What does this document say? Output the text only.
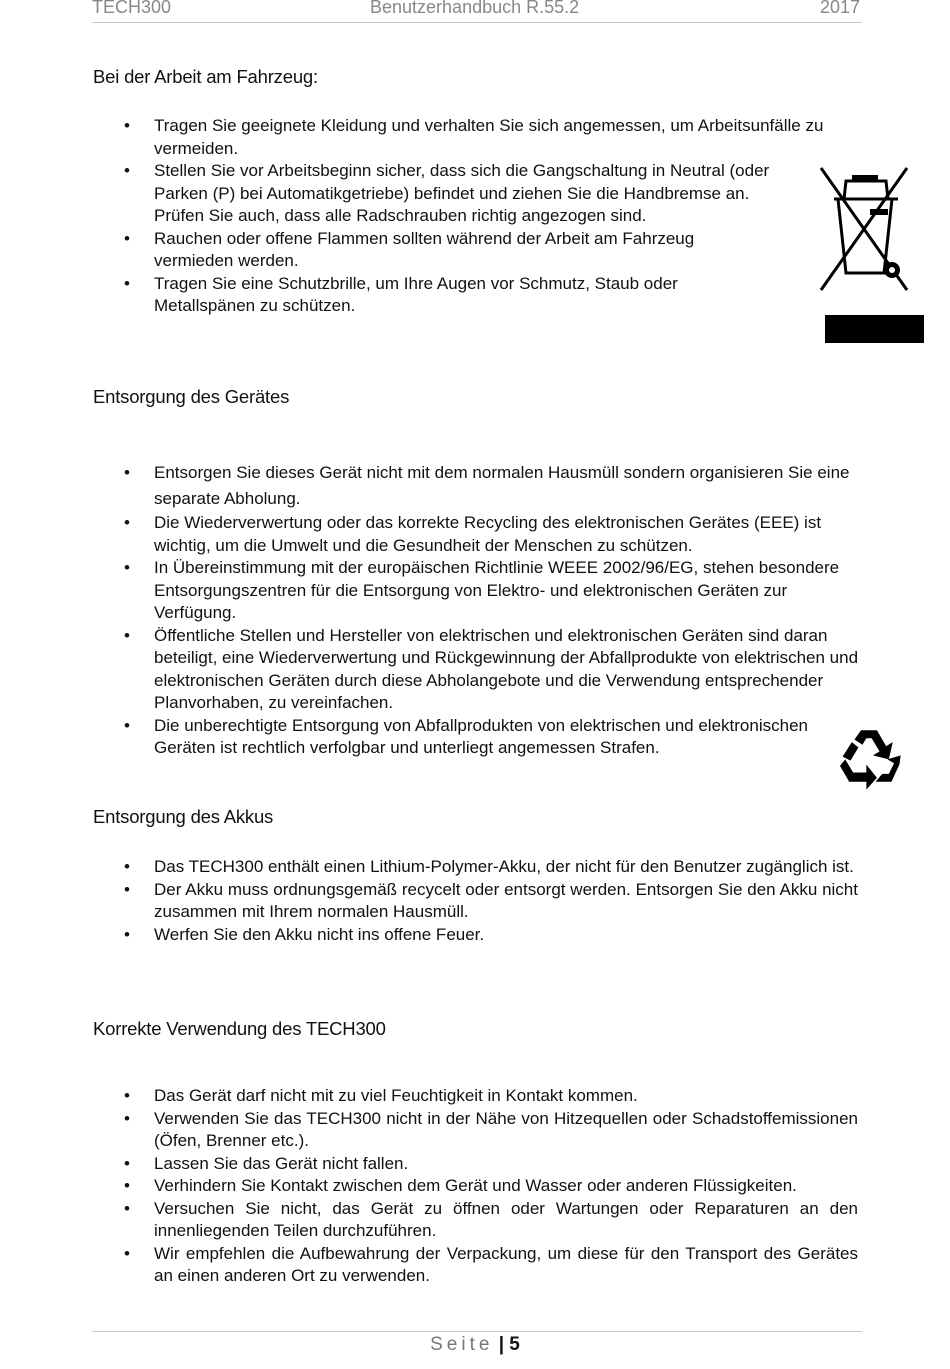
TECH300	Benutzerhandbuch R.55.2	2017
Bei der Arbeit am Fahrzeug:
• Tragen Sie geeignete Kleidung und verhalten Sie sich angemessen, um Arbeitsunfälle zu vermeiden.
• Stellen Sie vor Arbeitsbeginn sicher, dass sich die Gangschaltung in Neutral (oder Parken (P) bei Automatikgetriebe) befindet und ziehen Sie die Handbremse an. Prüfen Sie auch, dass alle Radschrauben richtig angezogen sind.
• Rauchen oder offene Flammen sollten während der Arbeit am Fahrzeug vermieden werden.
• Tragen Sie eine Schutzbrille, um Ihre Augen vor Schmutz, Staub oder Metallspänen zu schützen.
Entsorgung des Gerätes
• Entsorgen Sie dieses Gerät nicht mit dem normalen Hausmüll sondern organisieren Sie eine separate Abholung.
• Die Wiederverwertung oder das korrekte Recycling des elektronischen Gerätes (EEE) ist wichtig, um die Umwelt und die Gesundheit der Menschen zu schützen.
• In Übereinstimmung mit der europäischen Richtlinie WEEE 2002/96/EG, stehen besondere Entsorgungszentren für die Entsorgung von Elektro- und elektronischen Geräten zur Verfügung.
• Öffentliche Stellen und Hersteller von elektrischen und elektronischen Geräten sind daran beteiligt, eine Wiederverwertung und Rückgewinnung der Abfallprodukte von elektrischen und elektronischen Geräten durch diese Abholangebote und die Verwendung entsprechender Planvorhaben, zu vereinfachen.
• Die unberechtigte Entsorgung von Abfallprodukten von elektrischen und elektronischen Geräten ist rechtlich verfolgbar und unterliegt angemessen Strafen.
Entsorgung des Akkus
• Das TECH300 enthält einen Lithium-Polymer-Akku, der nicht für den Benutzer zugänglich ist.
• Der Akku muss ordnungsgemäß recycelt oder entsorgt werden. Entsorgen Sie den Akku nicht zusammen mit Ihrem normalen Hausmüll.
• Werfen Sie den Akku nicht ins offene Feuer.
Korrekte Verwendung des TECH300
• Das Gerät darf nicht mit zu viel Feuchtigkeit in Kontakt kommen.
• Verwenden Sie das TECH300 nicht in der Nähe von Hitzequellen oder Schadstoffemissionen (Öfen, Brenner etc.).
• Lassen Sie das Gerät nicht fallen.
• Verhindern Sie Kontakt zwischen dem Gerät und Wasser oder anderen Flüssigkeiten.
• Versuchen Sie nicht, das Gerät zu öffnen oder Wartungen oder Reparaturen an den innenliegenden Teilen durchzuführen.
• Wir empfehlen die Aufbewahrung der Verpackung, um diese für den Transport des Gerätes an einen anderen Ort zu verwenden.
Seite | 5
